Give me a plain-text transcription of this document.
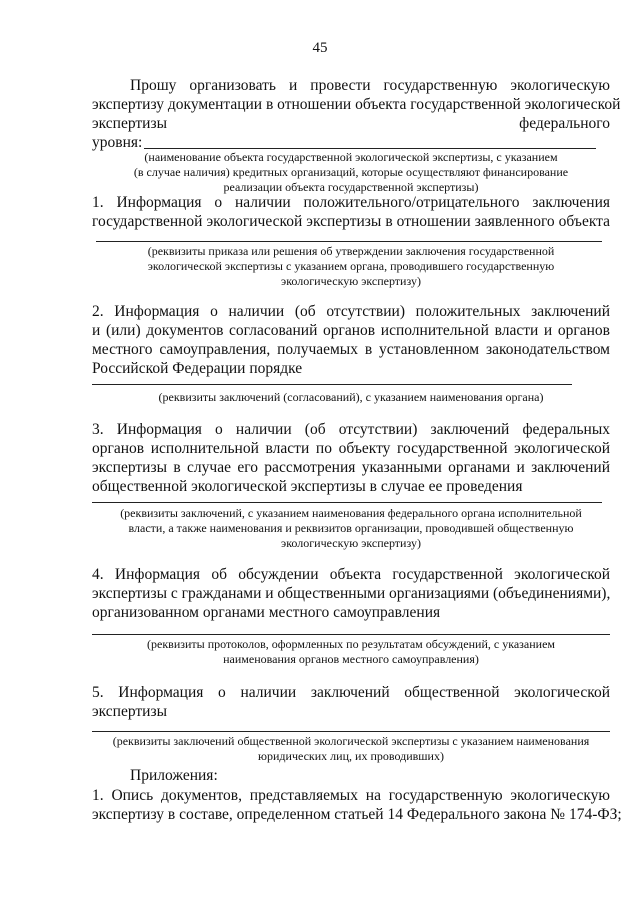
45
Прошу организовать и провести государственную экологическую
экспертизу документации в отношении объекта государственной экологической
экспертизы	федерального
уровня:
(наименование объекта государственной экологической экспертизы, с указанием
(в случае наличия) кредитных организаций, которые осуществляют финансирование
реализации объекта государственной экспертизы)
1. Информация о наличии положительного/отрицательного заключения
государственной экологической экспертизы в отношении заявленного объекта
(реквизиты приказа или решения об утверждении заключения государственной
экологической экспертизы с указанием органа, проводившего государственную
экологическую экспертизу)
2. Информация о наличии (об отсутствии) положительных заключений
и (или) документов согласований органов исполнительной власти и органов
местного самоуправления, получаемых в установленном законодательством
Российской Федерации порядке
(реквизиты заключений (согласований), с указанием наименования органа)
3. Информация о наличии (об отсутствии) заключений федеральных
органов исполнительной власти по объекту государственной экологической
экспертизы в случае его рассмотрения указанными органами и заключений
общественной экологической экспертизы в случае ее проведения
(реквизиты заключений, с указанием наименования федерального органа исполнительной
власти, а также наименования и реквизитов организации, проводившей общественную
экологическую экспертизу)
4. Информация об обсуждении объекта государственной экологической
экспертизы с гражданами и общественными организациями (объединениями),
организованном органами местного самоуправления
(реквизиты протоколов, оформленных по результатам обсуждений, с указанием
наименования органов местного самоуправления)
5. Информация о наличии заключений общественной экологической
экспертизы
(реквизиты заключений общественной экологической экспертизы с указанием наименования
юридических лиц, их проводивших)
Приложения:
1. Опись документов, представляемых на государственную экологическую
экспертизу в составе, определенном статьей 14 Федерального закона № 174-ФЗ;
